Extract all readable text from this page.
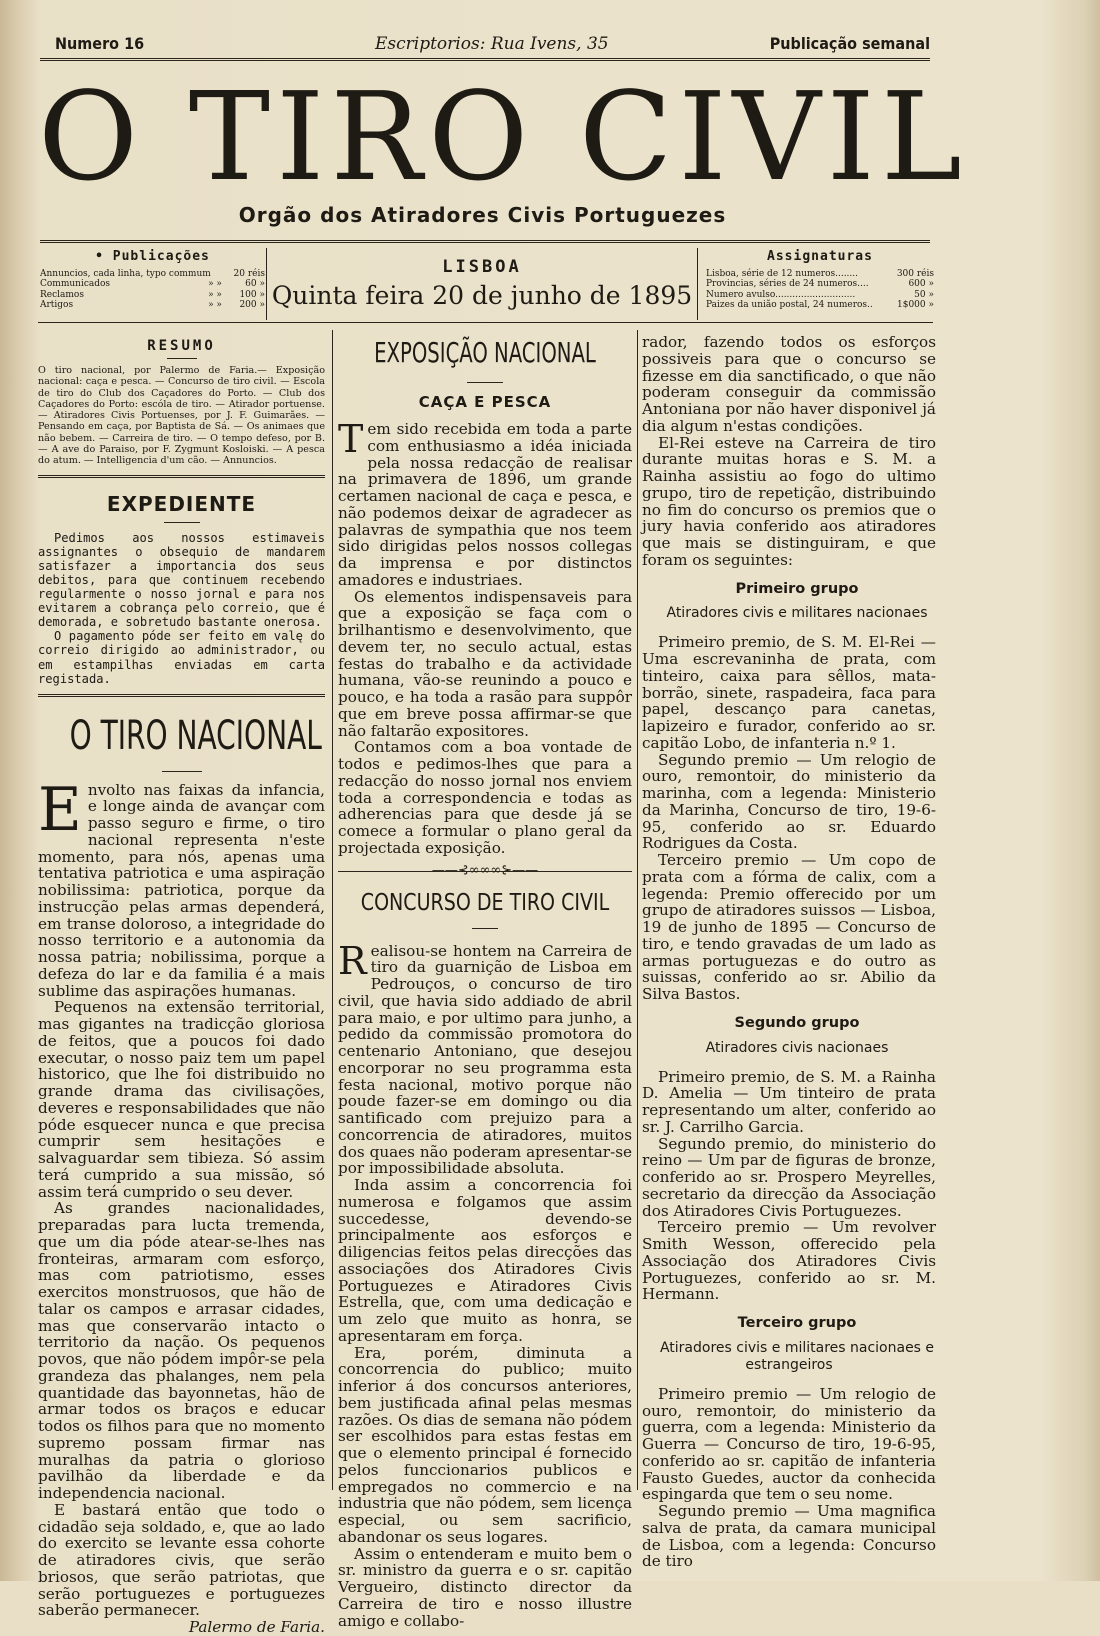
Numero 16	Escriptorios: Rua Ivens, 35	Publicação semanal
O TIRO CIVIL
Orgão dos Atiradores Civis Portuguezes
• Publicações
Annuncios, cada linha, typo commum	20 réis
Communicados	» »	60 »
Reclamos	» »	100 »
Artigos	» »	200 »
LISBOA
Quinta feira 20 de junho de 1895
Assignaturas
Lisboa, série de 12 numeros........	300 réis
Provincias, séries de 24 numeros....	600 »
Numero avulso............................	50 »
Paizes da união postal, 24 numeros..	1$000 »
RESUMO
O tiro nacional, por Palermo de Faria.— Exposição nacional: caça e pesca. — Concurso de tiro civil. — Escola de tiro do Club dos Caçadores do Porto. — Club dos Caçadores do Porto: escóla de tiro. — Atirador portuense. — Atiradores Civis Portuenses, por J. F. Guimarães. — Pensando em caça, por Baptista de Sá. — Os animaes que não bebem. — Carreira de tiro. — O tempo defeso, por B. — A ave do Paraiso, por F. Zygmunt Kosloiski. — A pesca do atum. — Intelligencia d'um cão. — Annuncios.
EXPEDIENTE

Pedimos aos nossos estimaveis assignantes o obsequio de mandarem satisfazer a importancia dos seus debitos, para que continuem recebendo regularmente o nosso jornal e para nos evitarem a cobrança pelo correio, que é demorada, e sobretudo bastante onerosa.

O pagamento póde ser feito em valę do correio dirigido ao administrador, ou em estampilhas enviadas em carta registada.

O TIRO NACIONAL

Envolto nas faixas da infancia, e longe ainda de avançar com passo seguro e firme, o tiro nacional representa n'este momento, para nós, apenas uma tentativa patriotica e uma aspiração nobilissima: patriotica, porque da instrucção pelas armas dependerá, em transe doloroso, a integridade do nosso territorio e a autonomia da nossa patria; nobilissima, porque a defeza do lar e da familia é a mais sublime das aspirações humanas.

Pequenos na extensão territorial, mas gigantes na tradicção gloriosa de feitos, que a poucos foi dado executar, o nosso paiz tem um papel historico, que lhe foi distribuido no grande drama das civilisações, deveres e responsabilidades que não póde esquecer nunca e que precisa cumprir sem hesitações e salvaguardar sem tibieza. Só assim terá cumprido a sua missão, só assim terá cumprido o seu dever.

As grandes nacionalidades, preparadas para lucta tremenda, que um dia póde atear-se-lhes nas fronteiras, armaram com esforço, mas com patriotismo, esses exercitos monstruosos, que hão de talar os campos e arrasar cidades, mas que conservarão intacto o territorio da nação. Os pequenos povos, que não pódem impôr-se pela grandeza das phalanges, nem pela quantidade das bayonnetas, hão de armar todos os braços e educar todos os filhos para que no momento supremo possam firmar nas muralhas da patria o glorioso pavilhão da liberdade e da independencia nacional.

E bastará então que todo o cidadão seja soldado, e, que ao lado do exercito se levante essa cohorte de atiradores civis, que serão briosos, que serão patriotas, que serão portuguezes e portuguezes saberão permanecer.

Palermo de Faria.

EXPOSIÇÃO NACIONAL
CAÇA E PESCA

Tem sido recebida em toda a parte com enthusiasmo a idéa iniciada pela nossa redacção de realisar na primavera de 1896, um grande certamen nacional de caça e pesca, e não podemos deixar de agradecer as palavras de sympathia que nos teem sido dirigidas pelos nossos collegas da imprensa e por distinctos amadores e industriaes.

Os elementos indispensaveis para que a exposição se faça com o brilhantismo e desenvolvimento, que devem ter, no seculo actual, estas festas do trabalho e da actividade humana, vão-se reunindo a pouco e pouco, e ha toda a rasão para suppôr que em breve possa affirmar-se que não faltarão expositores.

Contamos com a boa vontade de todos e pedimos-lhes que para a redacção do nosso jornal nos enviem toda a correspondencia e todas as adherencias para que desde já se comece a formular o plano geral da projectada exposição.

——⊰∞∞∞⊱——

CONCURSO DE TIRO CIVIL

Realisou-se hontem na Carreira de tiro da guarnição de Lisboa em Pedrouços, o concurso de tiro civil, que havia sido addiado de abril para maio, e por ultimo para junho, a pedido da commissão promotora do centenario Antoniano, que desejou encorporar no seu programma esta festa nacional, motivo porque não poude fazer-se em domingo ou dia santificado com prejuizo para a concorrencia de atiradores, muitos dos quaes não poderam apresentar-se por impossibilidade absoluta.

Inda assim a concorrencia foi numerosa e folgamos que assim succedesse, devendo-se principalmente aos esforços e diligencias feitos pelas direcções das associações dos Atiradores Civis Portuguezes e Atiradores Civis Estrella, que, com uma dedicação e um zelo que muito as honra, se apresentaram em força.

Era, porém, diminuta a concorrencia do publico; muito inferior á dos concursos anteriores, bem justificada afinal pelas mesmas razões. Os dias de semana não pódem ser escolhidos para estas festas em que o elemento principal é fornecido pelos funccionarios publicos e empregados no commercio e na industria que não pódem, sem licença especial, ou sem sacrificio, abandonar os seus logares.

Assim o entenderam e muito bem o sr. ministro da guerra e o sr. capitão Vergueiro, distincto director da Carreira de tiro e nosso illustre amigo e collabo-

rador, fazendo todos os esforços possiveis para que o concurso se fizesse em dia sanctificado, o que não poderam conseguir da commissão Antoniana por não haver disponivel já dia algum n'estas condições.

El-Rei esteve na Carreira de tiro durante muitas horas e S. M. a Rainha assistiu ao fogo do ultimo grupo, tiro de repetição, distribuindo no fim do concurso os premios que o jury havia conferido aos atiradores que mais se distinguiram, e que foram os seguintes:

Primeiro grupo

Atiradores civis e militares nacionaes

Primeiro premio, de S. M. El-Rei — Uma escrevaninha de prata, com tinteiro, caixa para sêllos, mata-borrão, sinete, raspadeira, faca para papel, descanço para canetas, lapizeiro e furador, conferido ao sr. capitão Lobo, de infanteria n.º 1.

Segundo premio — Um relogio de ouro, remontoir, do ministerio da marinha, com a legenda: Ministerio da Marinha, Concurso de tiro, 19-6-95, conferido ao sr. Eduardo Rodrigues da Costa.

Terceiro premio — Um copo de prata com a fórma de calix, com a legenda: Premio offerecido por um grupo de atiradores suissos — Lisboa, 19 de junho de 1895 — Concurso de tiro, e tendo gravadas de um lado as armas portuguezas e do outro as suissas, conferido ao sr. Abilio da Silva Bastos.

Segundo grupo

Atiradores civis nacionaes

Primeiro premio, de S. M. a Rainha D. Amelia — Um tinteiro de prata representando um alter, conferido ao sr. J. Carrilho Garcia.

Segundo premio, do ministerio do reino — Um par de figuras de bronze, conferido ao sr. Prospero Meyrelles, secretario da direcção da Associação dos Atiradores Civis Portuguezes.

Terceiro premio — Um revolver Smith Wesson, offerecido pela Associação dos Atiradores Civis Portuguezes, conferido ao sr. M. Hermann.

Terceiro grupo

Atiradores civis e militares nacionaes e estrangeiros

Primeiro premio — Um relogio de ouro, remontoir, do ministerio da guerra, com a legenda: Ministerio da Guerra — Concurso de tiro, 19-6-95, conferido ao sr. capitão de infanteria Fausto Guedes, auctor da conhecida espingarda que tem o seu nome.

Segundo premio — Uma magnifica salva de prata, da camara municipal de Lisboa, com a legenda: Concurso de tiro
